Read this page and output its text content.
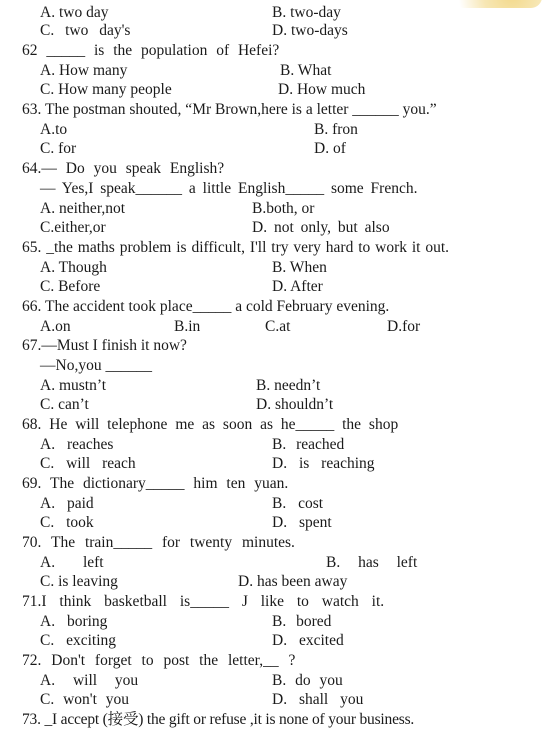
A. two day	B. two-day
C. two day's	D. two-days
62 _____ is the population of Hefei?
A. How many	B. What
C. How many people	D. How much
63. The postman shouted, “Mr Brown,here is a letter ______ you.”
A.to	B. fron
C. for	D. of
64.— Do you speak English?
— Yes,I speak______ a little English_____ some French.
A. neither,not	B.both, or
C.either,or	D. not only, but also
65. _the maths problem is difficult, I'll try very hard to work it out.
A. Though	B. When
C. Before	D. After
66. The accident took place_____ a cold February evening.
A.on	B.in	C.at	D.for
67.—Must I finish it now?
—No,you ______
A. mustn’t	B. needn’t
C. can’t	D. shouldn’t
68. He will telephone me as soon as he_____ the shop
A. reaches	B. reached
C. will reach	D. is reaching
69. The dictionary_____ him ten yuan.
A. paid	B. cost
C. took	D. spent
70. The train_____ for twenty minutes.
A. left	B. has left
C. is leaving	D. has been away
71.I think basketball is_____ J like to watch it.
A. boring	B. bored
C. exciting	D. excited
72. Don't forget to post the letter,__ ?
A. will you	B. do you
C. won't you	D. shall you
73. _I accept (接受) the gift or refuse ,it is none of your business.
